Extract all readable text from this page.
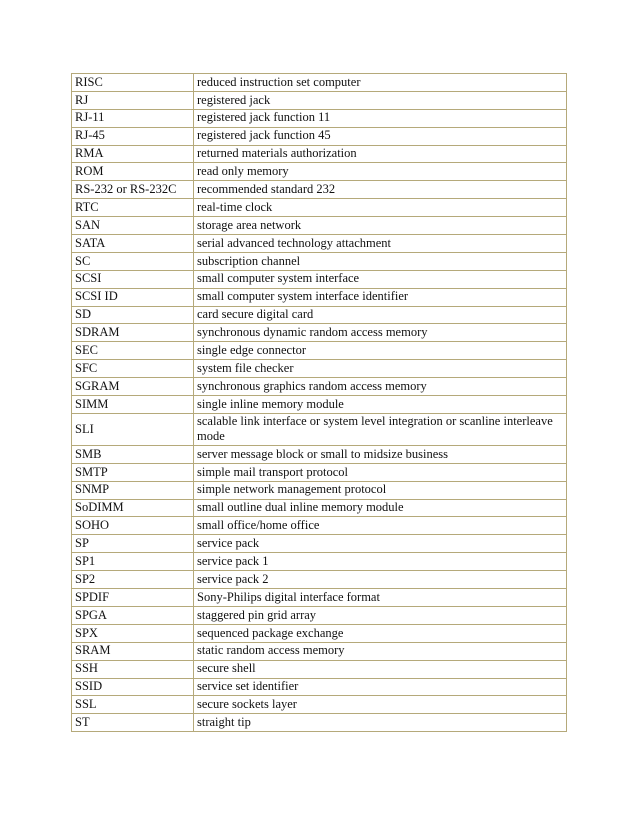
RISC	reduced instruction set computer
RJ	registered jack
RJ-11	registered jack function 11
RJ-45	registered jack function 45
RMA	returned materials authorization
ROM	read only memory
RS-232 or RS-232C	recommended standard 232
RTC	real-time clock
SAN	storage area network
SATA	serial advanced technology attachment
SC	subscription channel
SCSI	small computer system interface
SCSI ID	small computer system interface identifier
SD	card secure digital card
SDRAM	synchronous dynamic random access memory
SEC	single edge connector
SFC	system file checker
SGRAM	synchronous graphics random access memory
SIMM	single inline memory module
SLI	scalable link interface or system level integration or scanline interleave mode
SMB	server message block or small to midsize business
SMTP	simple mail transport protocol
SNMP	simple network management protocol
SoDIMM	small outline dual inline memory module
SOHO	small office/home office
SP	service pack
SP1	service pack 1
SP2	service pack 2
SPDIF	Sony-Philips digital interface format
SPGA	staggered pin grid array
SPX	sequenced package exchange
SRAM	static random access memory
SSH	secure shell
SSID	service set identifier
SSL	secure sockets layer
ST	straight tip
